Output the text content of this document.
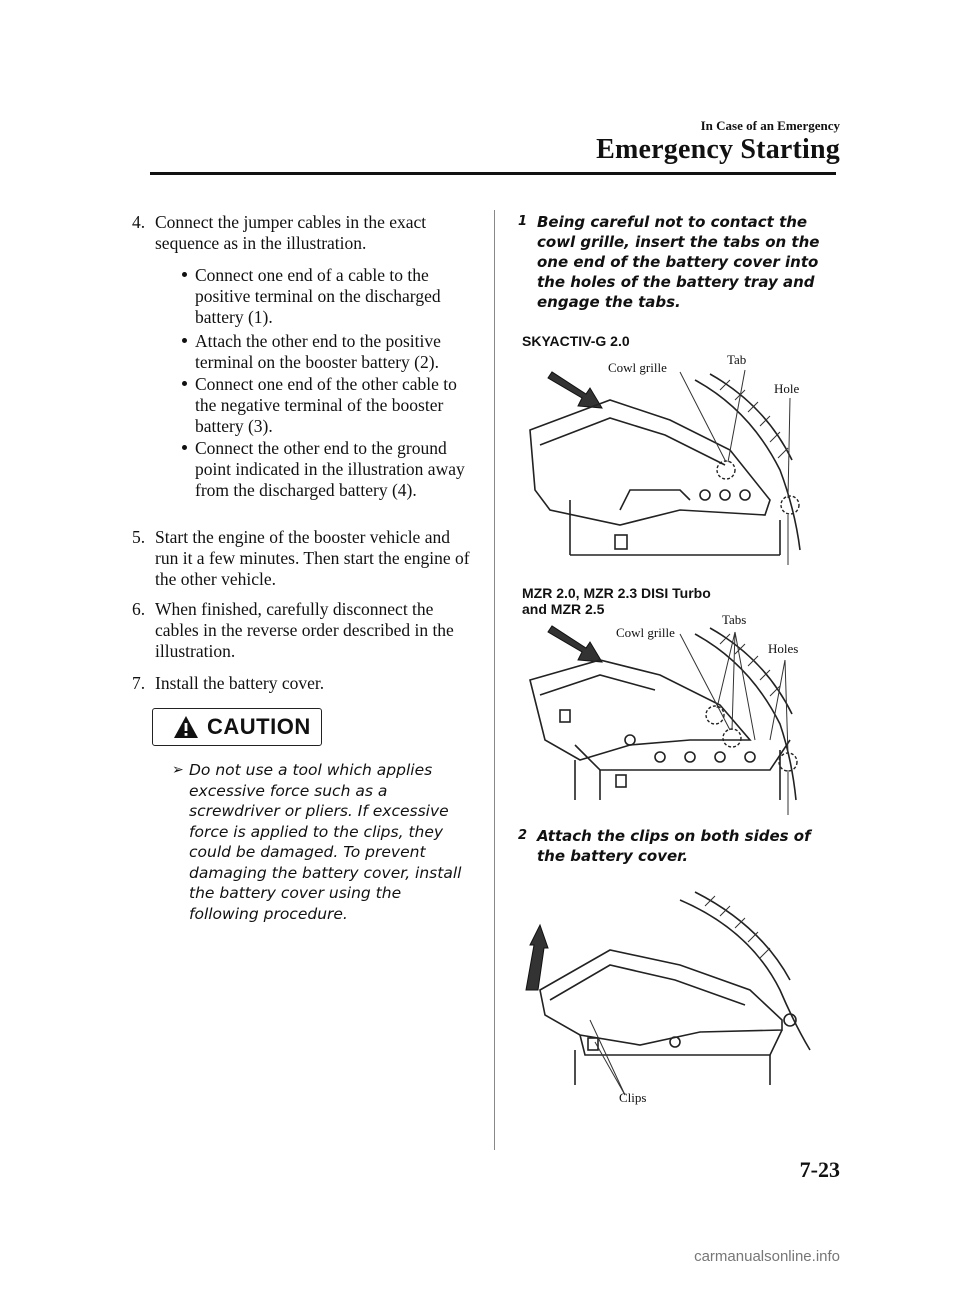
In Case of an Emergency
Emergency Starting
4. Connect the jumper cables in the exact sequence as in the illustration.
Connect one end of a cable to the positive terminal on the discharged battery (1).
Attach the other end to the positive terminal on the booster battery (2).
Connect one end of the other cable to the negative terminal of the booster battery (3).
Connect the other end to the ground point indicated in the illustration away from the discharged battery (4).
5. Start the engine of the booster vehicle and run it a few minutes. Then start the engine of the other vehicle.
6. When finished, carefully disconnect the cables in the reverse order described in the illustration.
7. Install the battery cover.
CAUTION
➢ Do not use a tool which applies excessive force such as a screwdriver or pliers. If excessive force is applied to the clips, they could be damaged. To prevent damaging the battery cover, install the battery cover using the following procedure.
1 Being careful not to contact the cowl grille, insert the tabs on the one end of the battery cover into the holes of the battery tray and engage the tabs.
SKYACTIV-G 2.0
Cowl grille
Tab
Hole
MZR 2.0, MZR 2.3 DISI Turbo
and MZR 2.5
Cowl grille
Tabs
Holes
2 Attach the clips on both sides of the battery cover.
Clips
7-23
carmanualsonline.info
